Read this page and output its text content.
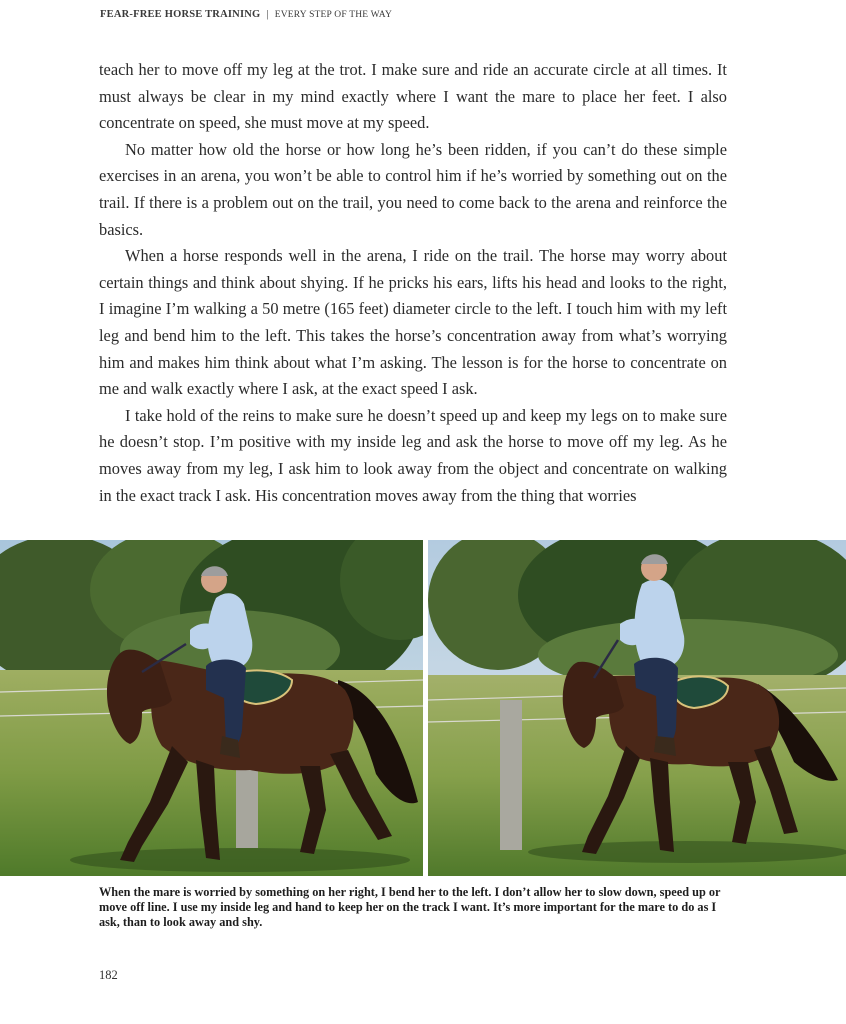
FEAR-FREE HORSE TRAINING | EVERY STEP OF THE WAY

teach her to move off my leg at the trot. I make sure and ride an accurate circle at all times. It must always be clear in my mind exactly where I want the mare to place her feet. I also concentrate on speed, she must move at my speed.

No matter how old the horse or how long he’s been ridden, if you can’t do these simple exercises in an arena, you won’t be able to control him if he’s worried by something out on the trail. If there is a problem out on the trail, you need to come back to the arena and reinforce the basics.

When a horse responds well in the arena, I ride on the trail. The horse may worry about certain things and think about shying. If he pricks his ears, lifts his head and looks to the right, I imagine I’m walking a 50 metre (165 feet) diameter circle to the left. I touch him with my left leg and bend him to the left. This takes the horse’s concentration away from what’s worrying him and makes him think about what I’m asking. The lesson is for the horse to concentrate on me and walk exactly where I ask, at the exact speed I ask.

I take hold of the reins to make sure he doesn’t speed up and keep my legs on to make sure he doesn’t stop. I’m positive with my inside leg and ask the horse to move off my leg. As he moves away from my leg, I ask him to look away from the object and concentrate on walking in the exact track I ask. His concentration moves away from the thing that worries

When the mare is worried by something on her right, I bend her to the left. I don’t allow her to slow down, speed up or move off line. I use my inside leg and hand to keep her on the track I want. It’s more important for the mare to do as I ask, than to look away and shy.
182
